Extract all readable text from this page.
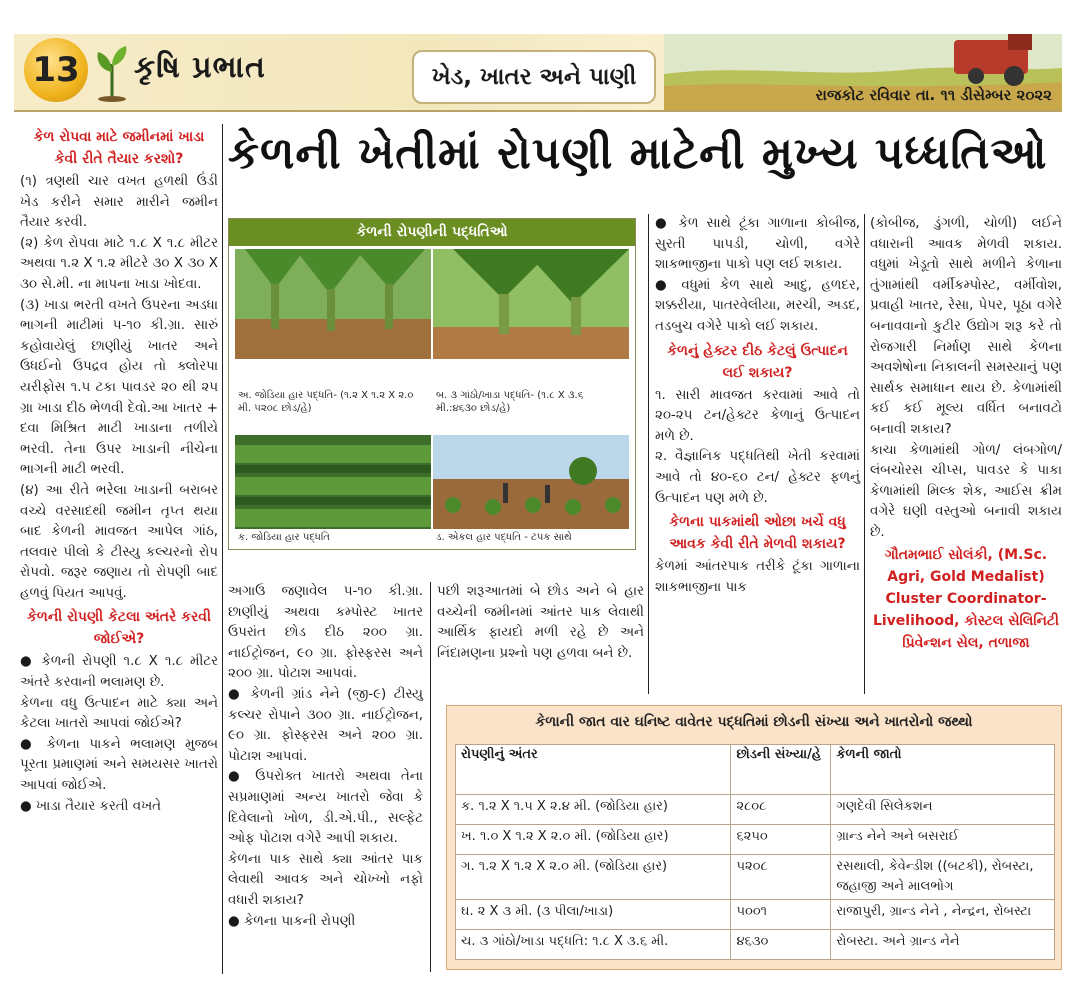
13 કૃષિ પ્રભાત	ખેડ, ખાતર અને પાણી
રાજકોટ રવિવાર તા. ૧૧ ડીસેમ્બર ૨૦૨૨
કેળની ખેતીમાં રોપણી માટેની મુખ્ય પધ્ધતિઓ

કેળ રોપવા માટે જમીનમાં ખાડા કેવી રીતે તૈયાર કરશો?

(૧) ત્રણથી ચાર વખત હળથી ઉંડી ખેડ કરીને સમાર મારીને જમીન તૈયાર કરવી.

(૨) કેળ રોપવા માટે ૧.૮ X ૧.૮ મીટર અથવા ૧.૨ X ૧.૨ મીટરે ૩૦ X ૩૦ X ૩૦ સે.મી. ના માપના ખાડા ખોદવા.

(૩) ખાડા ભરતી વખતે ઉપરના અડધા ભાગની માટીમાં ૫-૧૦ કી.ગ્રા. સારું કહોવાયેલું છાણીયું ખાતર અને ઉધઈનો ઉપદ્રવ હોય તો ક્લોરપા યરીફોસ ૧.૫ ટકા પાવડર ૨૦ થી ૨૫ ગ્રા ખાડા દીઠ ભેળવી દેવો.આ ખાતર + દવા મિશ્રિત માટી ખાડાના તળીયે ભરવી. તેના ઉપર ખાડાની નીચેના ભાગની માટી ભરવી.

(૪) આ રીતે ભરેલા ખાડાની બરાબર વચ્ચે વરસાદથી જમીન તૃપ્ત થયા બાદ કેળની માવજત આપેલ ગાંઠ, તલવાર પીલો કે ટીસ્યુ કલ્ચરનો રોપ રોપવો. જરૂર જણાય તો રોપણી બાદ હળવું પિયત આપવું.

કેળની રોપણી કેટલા અંતરે કરવી જોઈએ?

● કેળની રોપણી ૧.૮ X ૧.૮ મીટર અંતરે કરવાની ભલામણ છે.

કેળના વધુ ઉત્પાદન માટે ક્યા અને કેટલા ખાતરો આપવાં જોઈએ?

● કેળના પાકને ભલામણ મુજબ પૂરતા પ્રમાણમાં અને સમયસર ખાતરો આપવાં જોઈએ.

● ખાડા તૈયાર કરતી વખતે

કેળની રોપણીની પદ્ધતિઓ
અ. જોડિયા હાર પદ્ધતિ- (૧.૨ X ૧.૨ X ૨.૦ મી. ૫૨૦૮ છોડ/હે)
બ. ૩ ગાંઠો/ખાડા પદ્ધતિ- (૧.૮ X ૩.૬ મી.:૪૬૩૦ છોડ/હે)
ક. જોડિયા હાર પદ્ધતિ	ડ. એકલ હાર પદ્ધતિ - ટપક સાથે

અગાઉ જણાવેલ ૫-૧૦ કી.ગ્રા. છાણીયું અથવા કમ્પોસ્ટ ખાતર ઉપરાંત છોડ દીઠ ૨૦૦ ગ્રા. નાઈટ્રોજન, ૯૦ ગ્રા. ફોસ્ફરસ અને ૨૦૦ ગ્રા. પોટાશ આપવાં.

● કેળની ગ્રાંડ નેને (જી-૯) ટીસ્યુ કલ્ચર રોપાને ૩૦૦ ગ્રા. નાઈટ્રોજન, ૯૦ ગ્રા. ફોસ્ફરસ અને ૨૦૦ ગ્રા. પોટાશ આપવાં.

● ઉપરોક્ત ખાતરો અથવા તેના સપ્રમાણમાં અન્ય ખાતરો જેવા કે દિવેલાનો ખોળ, ડી.એ.પી., સલ્ફેટ ઓફ પોટાશ વગેરે આપી શકાય.

કેળના પાક સાથે ક્યા આંતર પાક લેવાથી આવક અને ચોખ્ખો નફો વધારી શકાય?

● કેળના પાકની રોપણી

પછી શરૂઆતમાં બે છોડ અને બે હાર વચ્ચેની જમીનમાં આંતર પાક લેવાથી આર્થિક ફાયદો મળી રહે છે અને નિંદામણના પ્રશ્નો પણ હળવા બને છે.

● કેળ સાથે ટૂંકા ગાળાના કોબીજ, સુરતી પાપડી, ચોળી, વગેરે શાકભાજીના પાકો પણ લઈ શકાય.

● વધુમાં કેળ સાથે આદુ, હળદર, શક્કરીયા, પાતરવેલીયા, મરચી, અડદ, તડબુચ વગેરે પાકો લઈ શકાય.

કેળનું હેક્ટર દીઠ કેટલું ઉત્પાદન લઈ શકાય?

૧. સારી માવજત કરવામાં આવે તો ૨૦-૨૫ ટન/હેક્ટર કેળાનું ઉત્પાદન મળે છે.

૨. વૈજ્ઞાનિક પદ્ધતિથી ખેતી કરવામાં આવે તો ૪૦-૬૦ ટન/ હેક્ટર ફળનું ઉત્પાદન પણ મળે છે.

કેળના પાકમાંથી ઓછા ખર્ચે વધુ આવક કેવી રીતે મેળવી શકાય?

કેળમાં આંતરપાક તરીકે ટૂંકા ગાળાના શાકભાજીના પાક

(કોબીજ, ડુંગળી, ચોળી) લઈને વધારાની આવક મેળવી શકાય. વધુમાં ખેડૂતો સાથે મળીને કેળાના તુંગામાંથી વર્મીકમ્પોસ્ટ, વર્મીવોશ, પ્રવાહી ખાતર, રેસા, પેપર, પૂઠા વગેરે બનાવવાનો કુટીર ઉદ્યોગ શરૂ કરે તો રોજગારી નિર્માણ સાથે કેળના અવશેષોના નિકાલની સમસ્યાનું પણ સાર્થક સમાધાન થાય છે. કેળામાંથી કઈ કઈ મૂલ્ય વર્ધિત બનાવટો બનાવી શકાય?

કાચા કેળામાંથી ગોળ/ લંબગોળ/લંબચોરસ ચીપ્સ, પાવડર કે પાકા કેળામાંથી મિલ્ક શેક, આઈસ ક્રીમ વગેરે ઘણી વસ્તુઓ બનાવી શકાય છે.

ગૌતમભાઈ સોલંકી, (M.Sc. Agri, Gold Medalist) Cluster Coordinator-Livelihood, કોસ્ટલ સેલિનિટી પ્રિવેન્શન સેલ, તળાજા

કેળાની જાત વાર ઘનિષ્ટ વાવેતર પદ્ધતિમાં છોડની સંખ્યા અને ખાતરોનો જથ્થો
રોપણીનું અંતર	છોડની સંખ્યા/હે	કેળની જાતો
ક. ૧.૨ X ૧.૫ X ૨.૪ મી. (જોડિયા હાર)	૨૮૦૮	ગણદેવી સિલેકશન
ખ. ૧.૦ X ૧.૨ X ૨.૦ મી. (જોડિયા હાર)	૬૨૫૦	ગ્રાન્ડ નેને અને બસરાઈ
ગ. ૧.૨ X ૧.૨ X ૨.૦ મી. (જોડિયા હાર)	૫૨૦૮	રસથાલી, કેવેન્ડીશ ((બટકી), રોબસ્ટા, જહાજી અને માલભોગ
ઘ. ૨ X ૩ મી. (૩ પીલા/ખાડા)	૫૦૦૧	રાજાપુરી, ગ્રાન્ડ નેને , નેન્દ્રન, રોબસ્ટા
ચ. ૩ ગાંઠો/ખાડા પદ્ધતિ: ૧.૮ X ૩.૬ મી.	૪૬૩૦	રોબસ્ટા. અને ગ્રાન્ડ નેને
